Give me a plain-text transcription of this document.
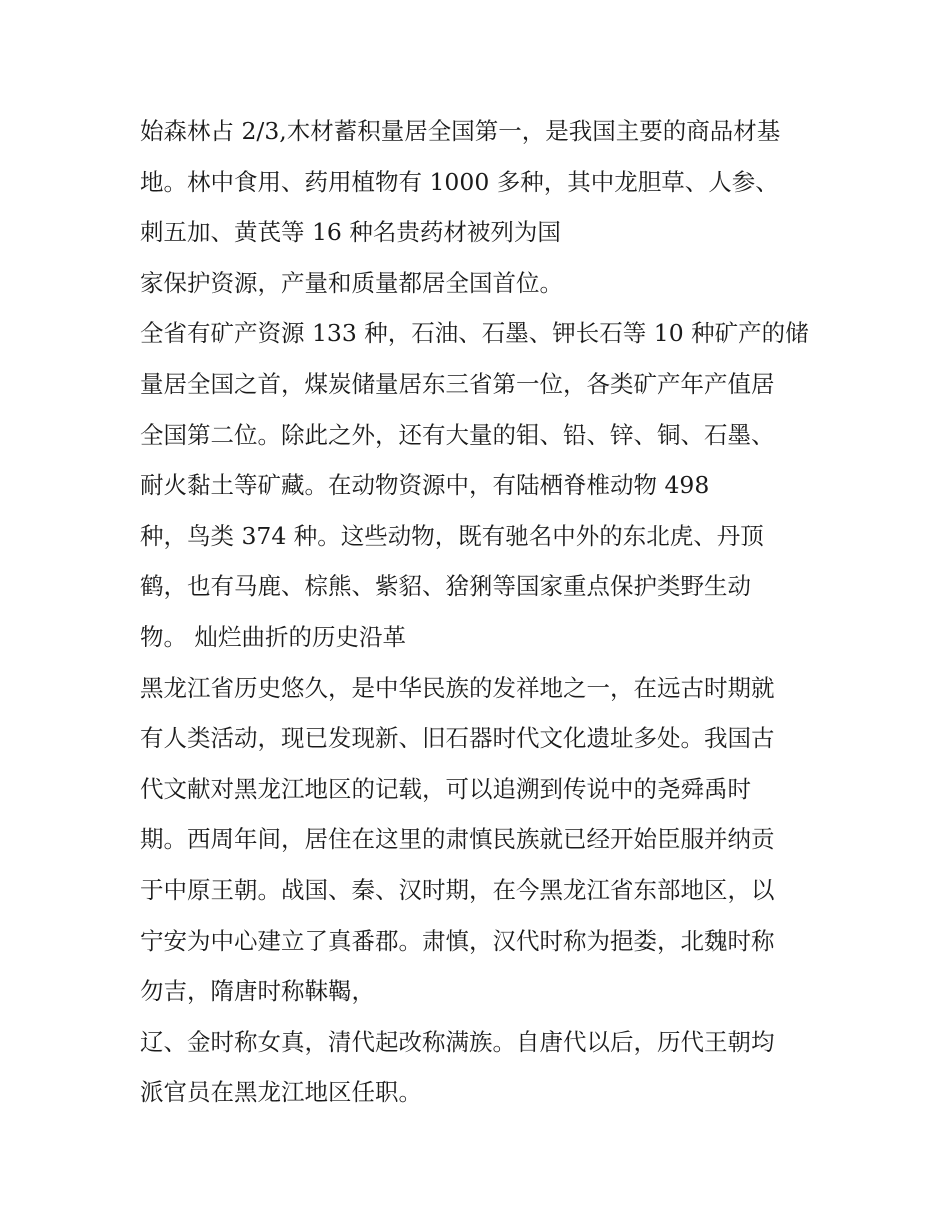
始森林占 2/3,木材蓄积量居全国第一，是我国主要的商品材基
地。林中食用、药用植物有 1000 多种，其中龙胆草、人参、
刺五加、黄芪等 16 种名贵药材被列为国
家保护资源，产量和质量都居全国首位。
全省有矿产资源 133 种，石油、石墨、钾长石等 10 种矿产的储
量居全国之首，煤炭储量居东三省第一位，各类矿产年产值居
全国第二位。除此之外，还有大量的钼、铅、锌、铜、石墨、
耐火黏土等矿藏。在动物资源中，有陆栖脊椎动物 498
种，鸟类 374 种。这些动物，既有驰名中外的东北虎、丹顶
鹤，也有马鹿、棕熊、紫貂、猞猁等国家重点保护类野生动
物。 灿烂曲折的历史沿革
黑龙江省历史悠久，是中华民族的发祥地之一，在远古时期就
有人类活动，现已发现新、旧石器时代文化遗址多处。我国古
代文献对黑龙江地区的记载，可以追溯到传说中的尧舜禹时
期。西周年间，居住在这里的肃慎民族就已经开始臣服并纳贡
于中原王朝。战国、秦、汉时期，在今黑龙江省东部地区，以
宁安为中心建立了真番郡。肃慎，汉代时称为挹娄，北魏时称
勿吉，隋唐时称靺鞨，
辽、金时称女真，清代起改称满族。自唐代以后，历代王朝均
派官员在黑龙江地区任职。
